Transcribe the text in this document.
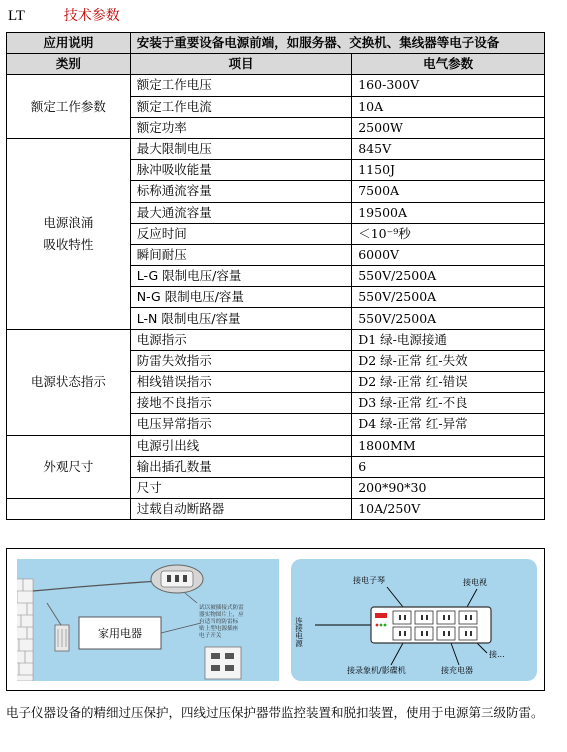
LT	技术参数
应用说明	安装于重要设备电源前端，如服务器、交换机、集线器等电子设备	
类别	项目	电气参数
额定工作参数	额定工作电压	160-300V
	额定工作电流	10A
	额定功率	2500W
电源浪涌
吸收特性	最大限制电压	845V
	脉冲吸收能量	1150J
	标称通流容量	7500A
	最大通流容量	19500A
	反应时间	＜10⁻⁹秒
	瞬间耐压	6000V
	L-G 限制电压/容量	550V/2500A
	N-G 限制电压/容量	550V/2500A
	L-N 限制电压/容量	550V/2500A
电源状态指示	电源指示	D1 绿-电源接通
	防雷失效指示	D2 绿-正常 红-失效
	相线错误指示	D2 绿-正常 红-错误
	接地不良指示	D3 绿-正常 红-不良
	电压异常指示	D4 绿-正常 红-异常
外观尺寸	电源引出线	1800MM
	输出插孔数量	6
	尺寸	200*90*30
	过载自动断路器	10A/250V
家用电器
试以被插接式防雷
器实物图片上，应
有适当的防雷标
贴上型电源插座
电子开关
接电子琴	接电视
接录象机/影碟机	接充电器
接...
连接电源

电子仪器设备的精细过压保护，四线过压保护器带监控装置和脱扣装置，使用于电源第三级防雷。
